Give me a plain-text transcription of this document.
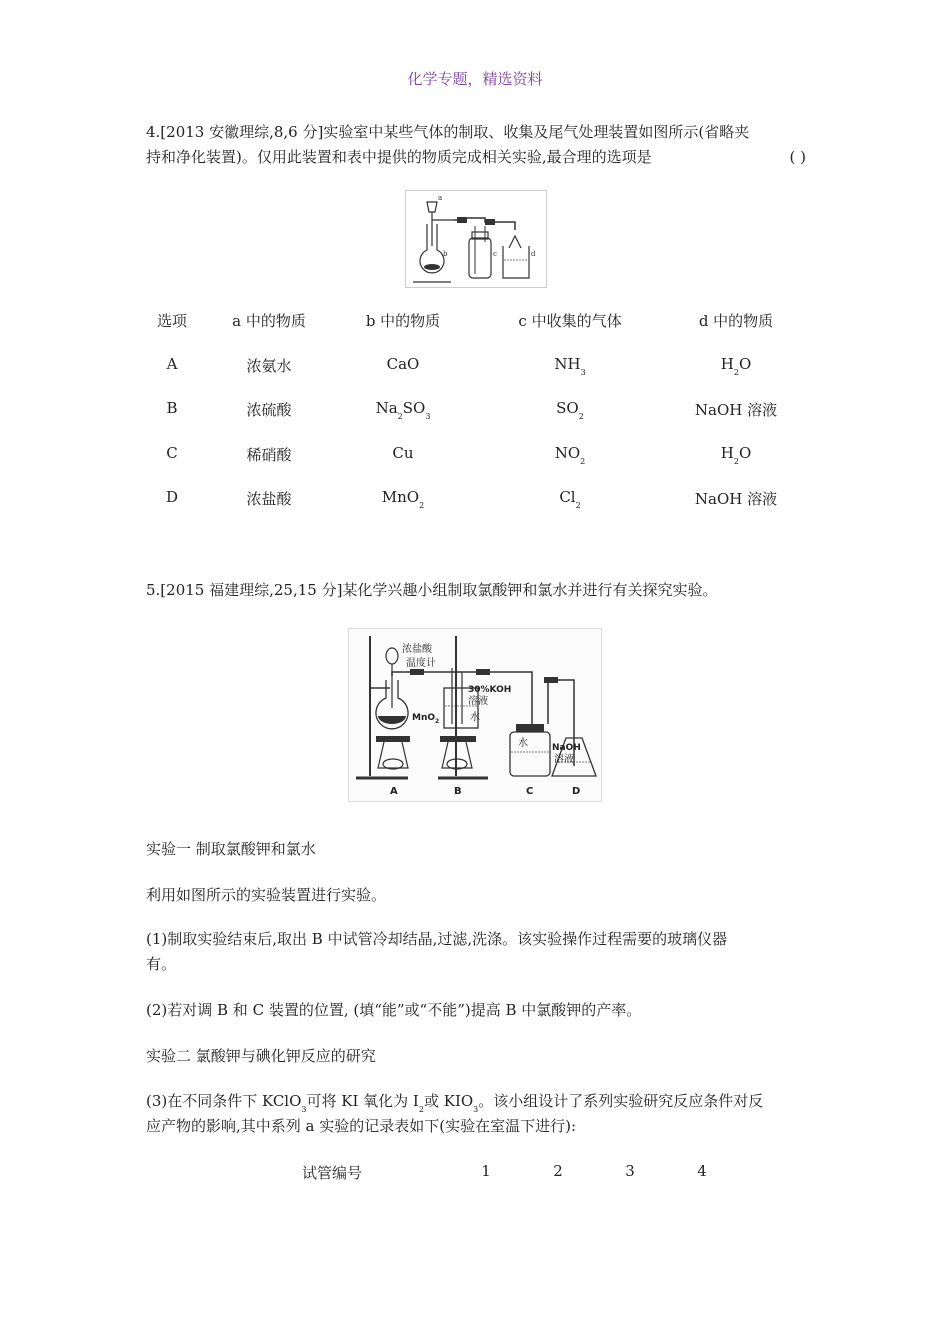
化学专题，精选资料
4.[2013 安徽理综,8,6 分]实验室中某些气体的制取、收集及尾气处理装置如图所示(省略夹
持和净化装置)。仅用此装置和表中提供的物质完成相关实验,最合理的选项是	( )
a
b	c	d
选项	a 中的物质	b 中的物质	c 中收集的气体	d 中的物质
A	浓氨水	CaO	$NH_3$	$H_2O$
B	浓硫酸	$Na_2SO_3$	$SO_2$	NaOH 溶液
C	稀硝酸	Cu	$NO_2$	$H_2O$
D	浓盐酸	MnO$_2$	$Cl_2$	NaOH 溶液
5.[2015 福建理综,25,15 分]某化学兴趣小组制取氯酸钾和氯水并进行有关探究实验。
浓盐酸
温度计
30%KOH
溶液
水
MnO$_2$
水	NaOH
溶液
A	B	C	D
实验一 制取氯酸钾和氯水
利用如图所示的实验装置进行实验。
(1)制取实验结束后,取出 B 中试管冷却结晶,过滤,洗涤。该实验操作过程需要的玻璃仪器
有。
(2)若对调 B 和 C 装置的位置, (填“能”或“不能”)提高 B 中氯酸钾的产率。
实验二 氯酸钾与碘化钾反应的研究
(3)在不同条件下 KClO$_3$可将 KI 氧化为 $I_2$或 $KIO_3$。该小组设计了系列实验研究反应条件对反
应产物的影响,其中系列 a 实验的记录表如下(实验在室温下进行):
试管编号	1	2	3	4
